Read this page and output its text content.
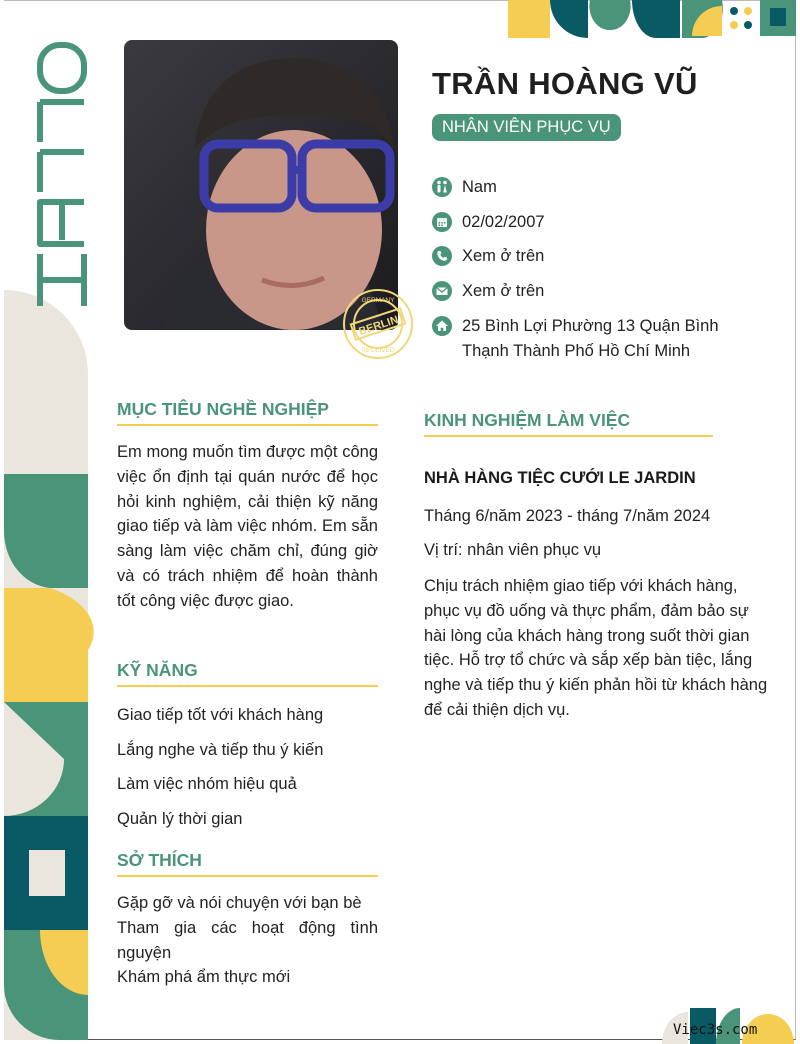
HELLO
BERLIN
GERMANY
RECEIVED
TRẦN HOÀNG VŨ
NHÂN VIÊN PHỤC VỤ
Nam
02/02/2007
Xem ở trên
Xem ở trên
25 Bình Lợi Phường 13 Quận Bình Thạnh Thành Phố Hồ Chí Minh
MỤC TIÊU NGHỀ NGHIỆP
Em mong muốn tìm được một công việc ổn định tại quán nước để học hỏi kinh nghiệm, cải thiện kỹ năng giao tiếp và làm việc nhóm. Em sẵn sàng làm việc chăm chỉ, đúng giờ và có trách nhiệm để hoàn thành tốt công việc được giao.
KỸ NĂNG
Giao tiếp tốt với khách hàng
Lắng nghe và tiếp thu ý kiến
Làm việc nhóm hiệu quả
Quản lý thời gian
SỞ THÍCH
Gặp gỡ và nói chuyện với bạn bè
Tham gia các hoạt động tình nguyện
Khám phá ẩm thực mới
KINH NGHIỆM LÀM VIỆC
NHÀ HÀNG TIỆC CƯỚI LE JARDIN
Tháng 6/năm 2023 - tháng 7/năm 2024
Vị trí: nhân viên phục vụ
Chịu trách nhiệm giao tiếp với khách hàng, phục vụ đồ uống và thực phẩm, đảm bảo sự hài lòng của khách hàng trong suốt thời gian tiệc. Hỗ trợ tổ chức và sắp xếp bàn tiệc, lắng nghe và tiếp thu ý kiến phản hồi từ khách hàng để cải thiện dịch vụ.
Viec3s.com
